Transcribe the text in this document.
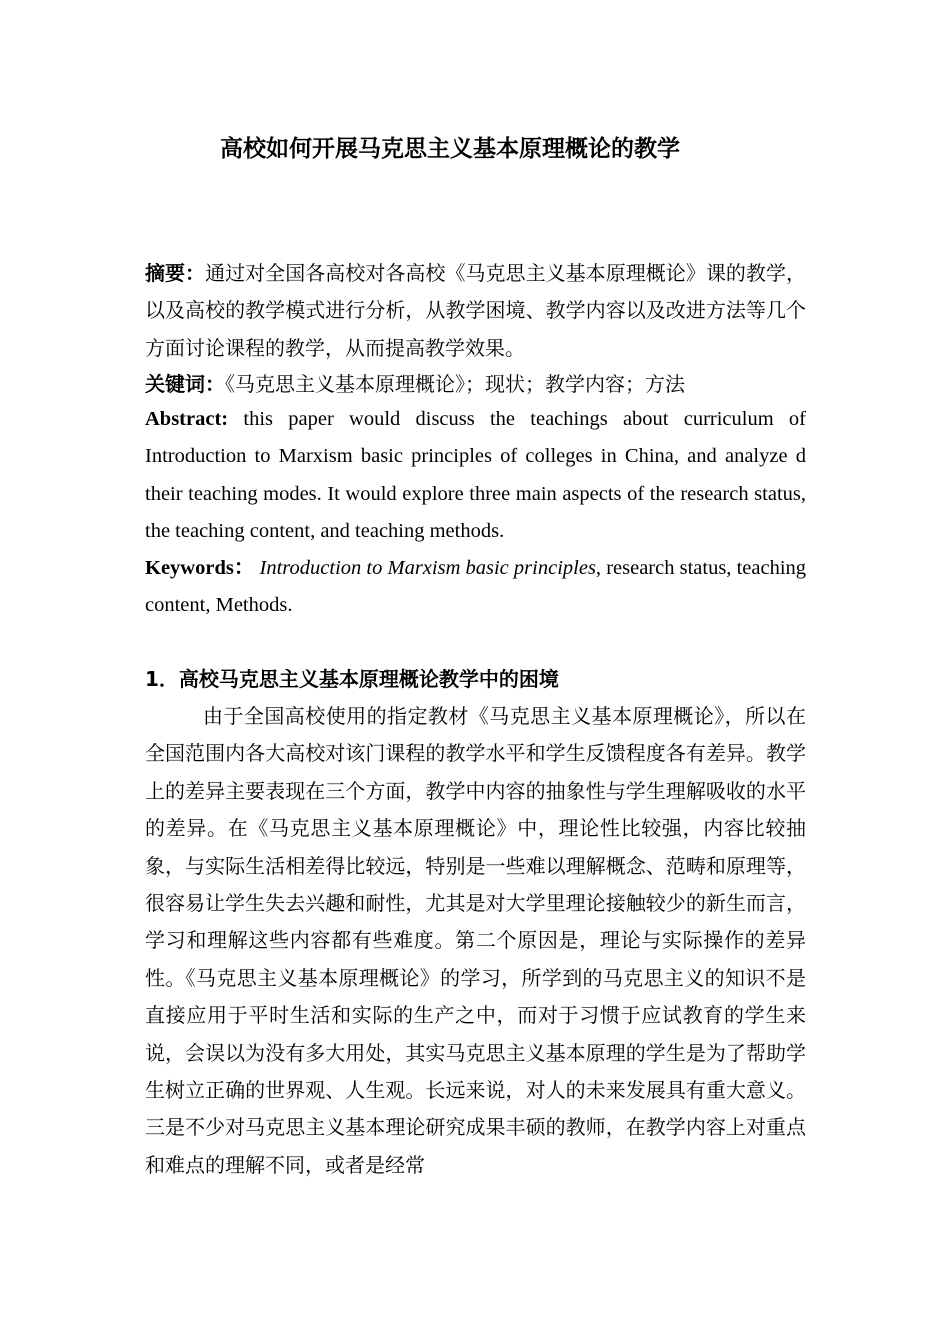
高校如何开展马克思主义基本原理概论的教学
摘要：通过对全国各高校对各高校《马克思主义基本原理概论》课的教学，以及高校的教学模式进行分析，从教学困境、教学内容以及改进方法等几个方面讨论课程的教学，从而提高教学效果。
关键词：《马克思主义基本原理概论》；现状；教学内容；方法
Abstract: this paper would discuss the teachings about curriculum of Introduction to Marxism basic principles of colleges in China, and analyze d their teaching modes. It would explore three main aspects of the research status, the teaching content, and teaching methods.
Keywords： Introduction to Marxism basic principles, research status, teaching content, Methods.
1．高校马克思主义基本原理概论教学中的困境
由于全国高校使用的指定教材《马克思主义基本原理概论》，所以在全国范围内各大高校对该门课程的教学水平和学生反馈程度各有差异。教学上的差异主要表现在三个方面，教学中内容的抽象性与学生理解吸收的水平的差异。在《马克思主义基本原理概论》中，理论性比较强，内容比较抽象，与实际生活相差得比较远，特别是一些难以理解概念、范畴和原理等，很容易让学生失去兴趣和耐性，尤其是对大学里理论接触较少的新生而言，学习和理解这些内容都有些难度。第二个原因是，理论与实际操作的差异性。《马克思主义基本原理概论》的学习，所学到的马克思主义的知识不是直接应用于平时生活和实际的生产之中，而对于习惯于应试教育的学生来说，会误以为没有多大用处，其实马克思主义基本原理的学生是为了帮助学生树立正确的世界观、人生观。长远来说，对人的未来发展具有重大意义。三是不少对马克思主义基本理论研究成果丰硕的教师，在教学内容上对重点和难点的理解不同，或者是经常
